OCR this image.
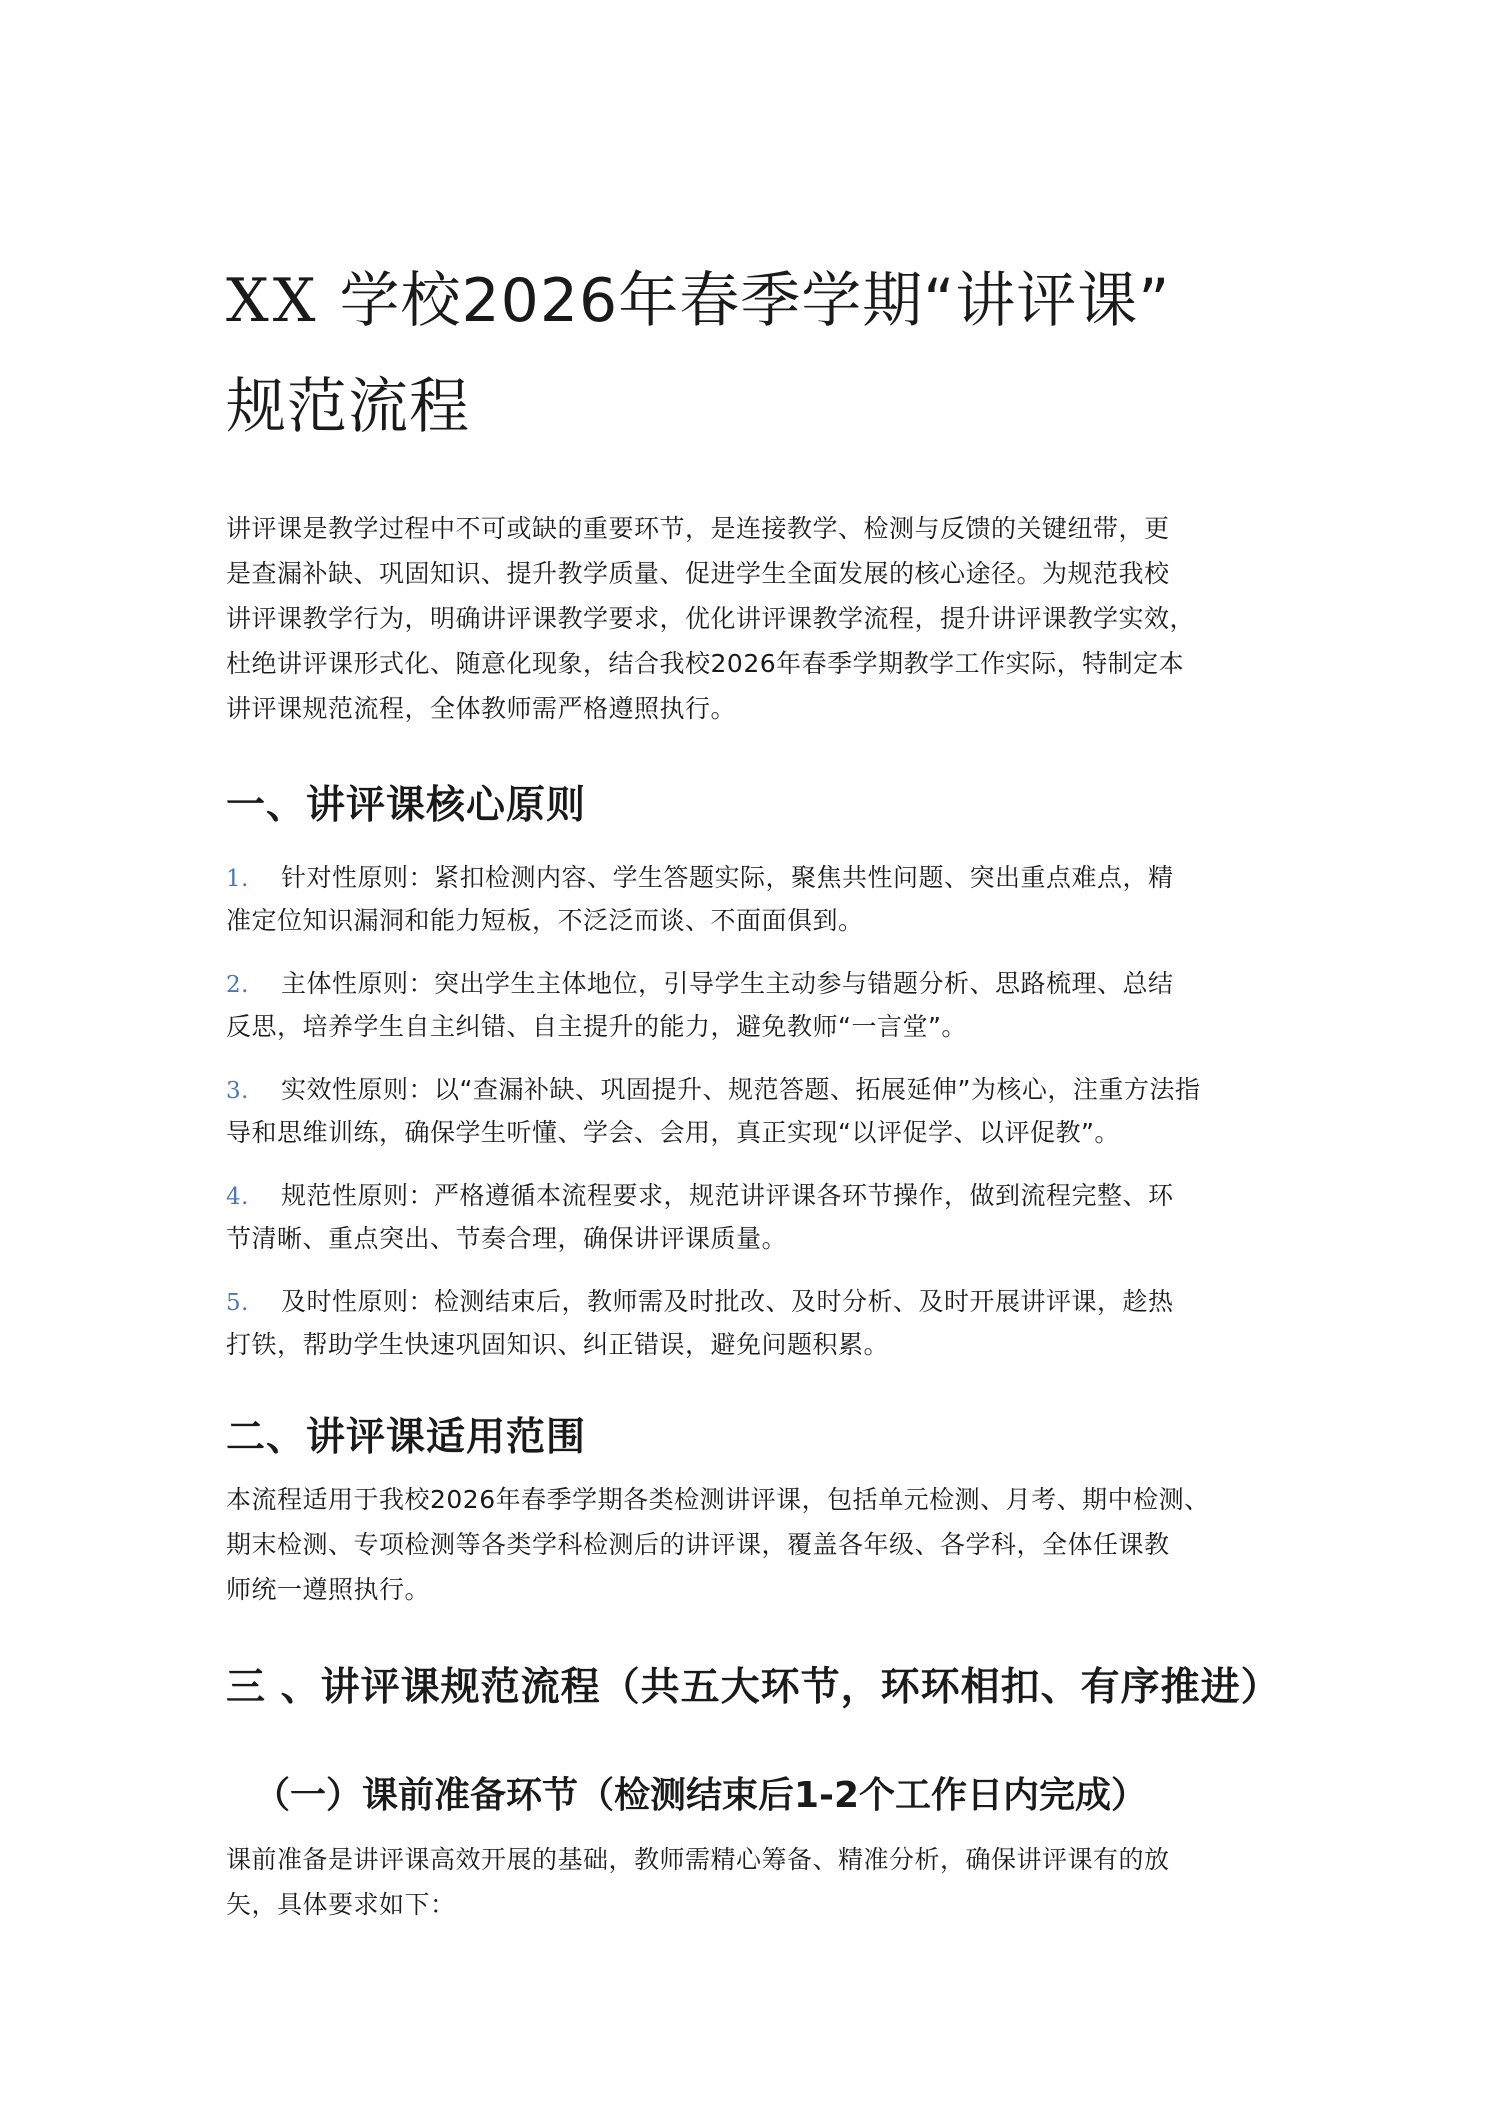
XX 学校2026年春季学期“讲评课”
规范流程

讲评课是教学过程中不可或缺的重要环节，是连接教学、检测与反馈的关键纽带，更
是查漏补缺、巩固知识、提升教学质量、促进学生全面发展的核心途径。为规范我校
讲评课教学行为，明确讲评课教学要求，优化讲评课教学流程，提升讲评课教学实效，
杜绝讲评课形式化、随意化现象，结合我校2026年春季学期教学工作实际，特制定本
讲评课规范流程，全体教师需严格遵照执行。

一、讲评课核心原则

1. 针对性原则：紧扣检测内容、学生答题实际，聚焦共性问题、突出重点难点，精
准定位知识漏洞和能力短板，不泛泛而谈、不面面俱到。

2. 主体性原则：突出学生主体地位，引导学生主动参与错题分析、思路梳理、总结
反思，培养学生自主纠错、自主提升的能力，避免教师“一言堂”。

3. 实效性原则：以“查漏补缺、巩固提升、规范答题、拓展延伸”为核心，注重方法指
导和思维训练，确保学生听懂、学会、会用，真正实现“以评促学、以评促教”。

4. 规范性原则：严格遵循本流程要求，规范讲评课各环节操作，做到流程完整、环
节清晰、重点突出、节奏合理，确保讲评课质量。

5. 及时性原则：检测结束后，教师需及时批改、及时分析、及时开展讲评课，趁热
打铁，帮助学生快速巩固知识、纠正错误，避免问题积累。

二、讲评课适用范围

本流程适用于我校2026年春季学期各类检测讲评课，包括单元检测、月考、期中检测、
期末检测、专项检测等各类学科检测后的讲评课，覆盖各年级、各学科，全体任课教
师统一遵照执行。

三 、讲评课规范流程（共五大环节，环环相扣、有序推进）
（一）课前准备环节（检测结束后1-2个工作日内完成）

课前准备是讲评课高效开展的基础，教师需精心筹备、精准分析，确保讲评课有的放
矢，具体要求如下：
